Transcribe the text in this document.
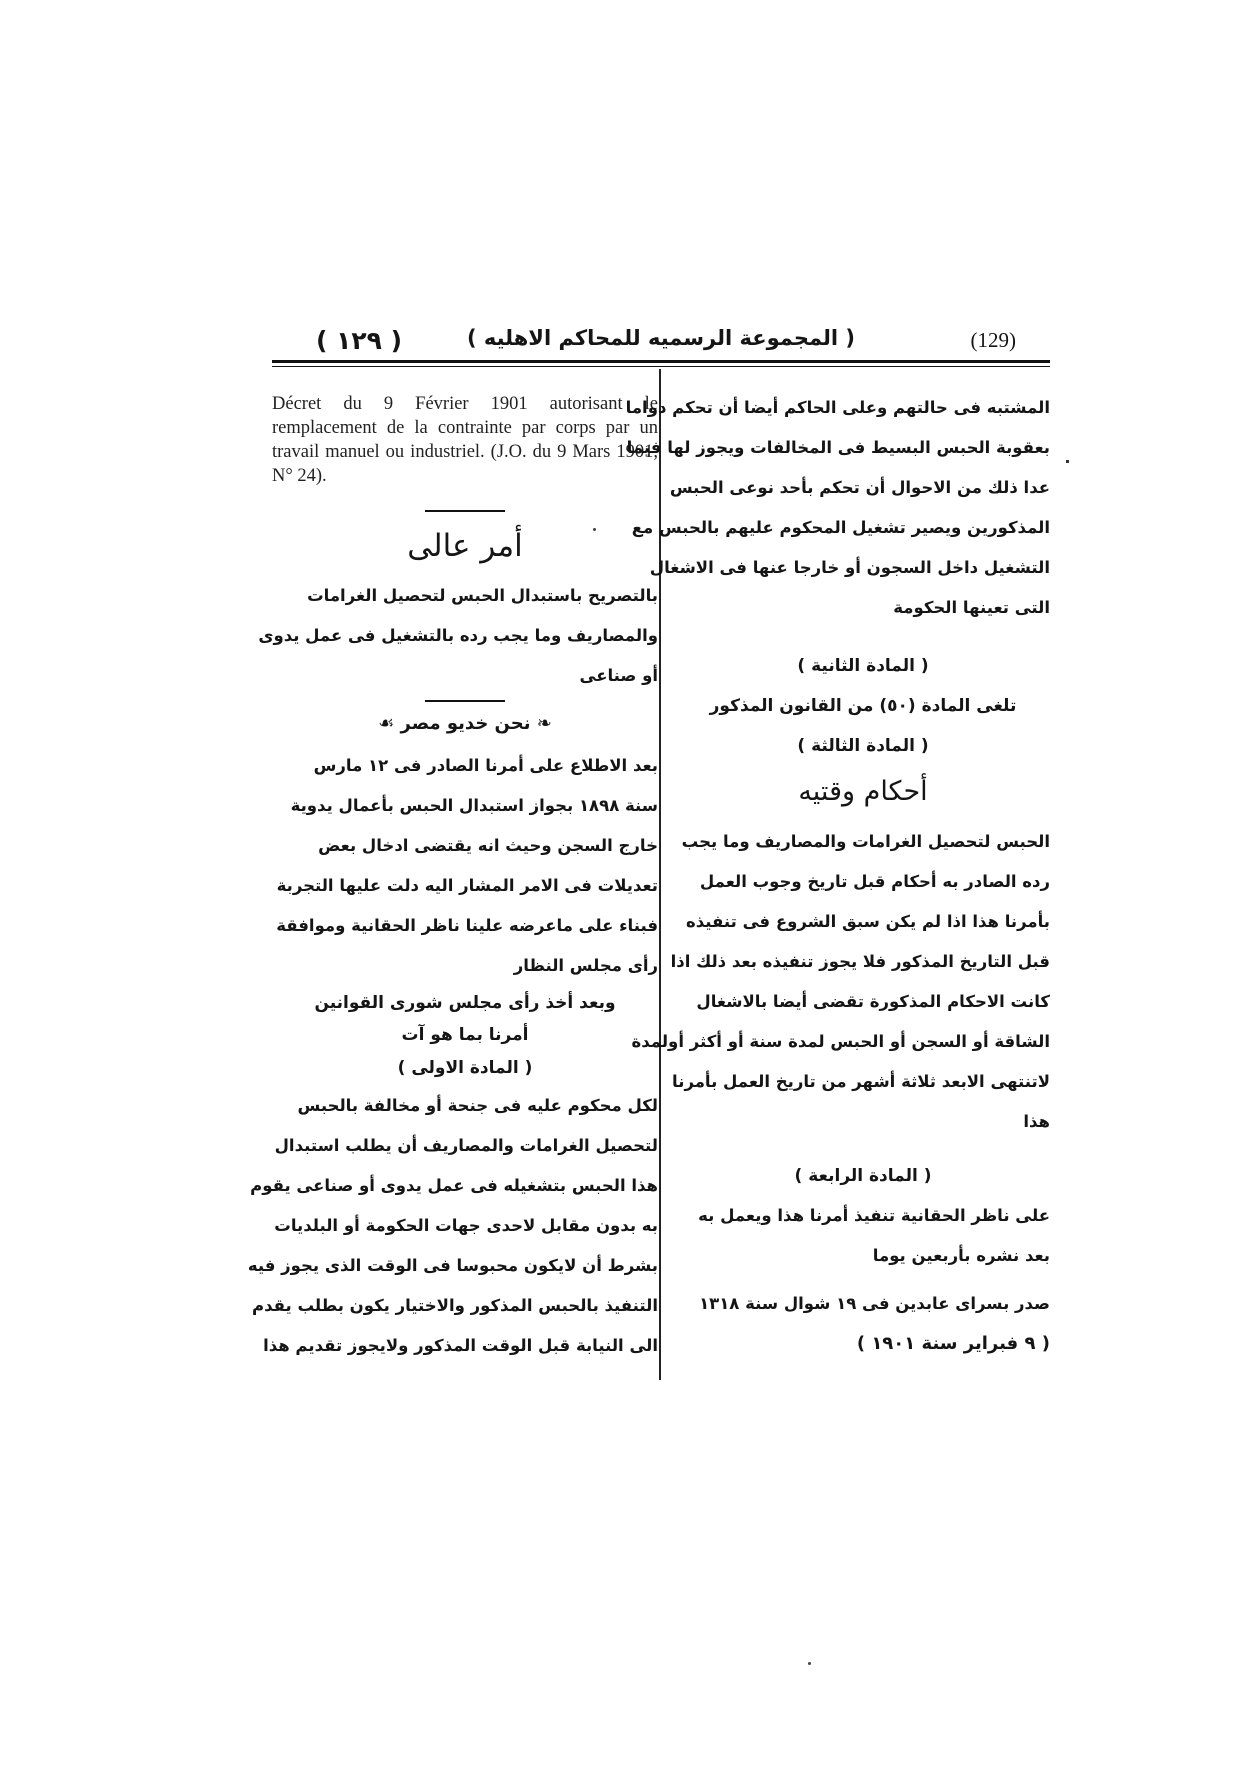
( ١٢٩ )	( المجموعة الرسميه للمحاكم الاهليه )	(129)

Décret du 9 Février 1901 autorisant le remplacement de la contrainte par corps par un travail manuel ou industriel. (J.O. du 9 Mars 1901, N° 24).

أمر عالى

بالتصريح باستبدال الحبس لتحصيل الغرامات

والمصاريف وما يجب رده بالتشغيل فى عمل يدوى

أو صناعى

❧ نحن خديو مصر ☙

بعد الاطلاع على أمرنا الصادر فى ١٢ مارس

سنة ١٨٩٨ بجواز استبدال الحبس بأعمال يدوية

خارج السجن وحيث انه يقتضى ادخال بعض

تعديلات فى الامر المشار اليه دلت عليها التجربة

فبناء على ماعرضه علينا ناظر الحقانية وموافقة

رأى مجلس النظار

وبعد أخذ رأى مجلس شورى القوانين

أمرنا بما هو آت

( المادة الاولى )

لكل محكوم عليه فى جنحة أو مخالفة بالحبس

لتحصيل الغرامات والمصاريف أن يطلب استبدال

هذا الحبس بتشغيله فى عمل يدوى أو صناعى يقوم

به بدون مقابل لاحدى جهات الحكومة أو البلديات

بشرط أن لايكون محبوسا فى الوقت الذى يجوز فيه

التنفيذ بالحبس المذكور والاختيار يكون بطلب يقدم

الى النيابة قبل الوقت المذكور ولايجوز تقديم هذا

المشتبه فى حالتهم وعلى الحاكم أيضا أن تحكم دواما

بعقوبة الحبس البسيط فى المخالفات ويجوز لها فيما

عدا ذلك من الاحوال أن تحكم بأحد نوعى الحبس

المذكورين ويصير تشغيل المحكوم عليهم بالحبس مع

التشغيل داخل السجون أو خارجا عنها فى الاشغال

التى تعينها الحكومة

( المادة الثانية )

تلغى المادة (٥٠) من القانون المذكور

( المادة الثالثة )

أحكام وقتيه

الحبس لتحصيل الغرامات والمصاريف وما يجب

رده الصادر به أحكام قبل تاريخ وجوب العمل

بأمرنا هذا اذا لم يكن سبق الشروع فى تنفيذه

قبل التاريخ المذكور فلا يجوز تنفيذه بعد ذلك اذا

كانت الاحكام المذكورة تقضى أيضا بالاشغال

الشاقة أو السجن أو الحبس لمدة سنة أو أكثر أولمدة

لاتنتهى الابعد ثلاثة أشهر من تاريخ العمل بأمرنا

هذا

( المادة الرابعة )

على ناظر الحقانية تنفيذ أمرنا هذا ويعمل به

بعد نشره بأربعين يوما

صدر بسراى عابدين فى ١٩ شوال سنة ١٣١٨

( ٩ فبراير سنة ١٩٠١ )
